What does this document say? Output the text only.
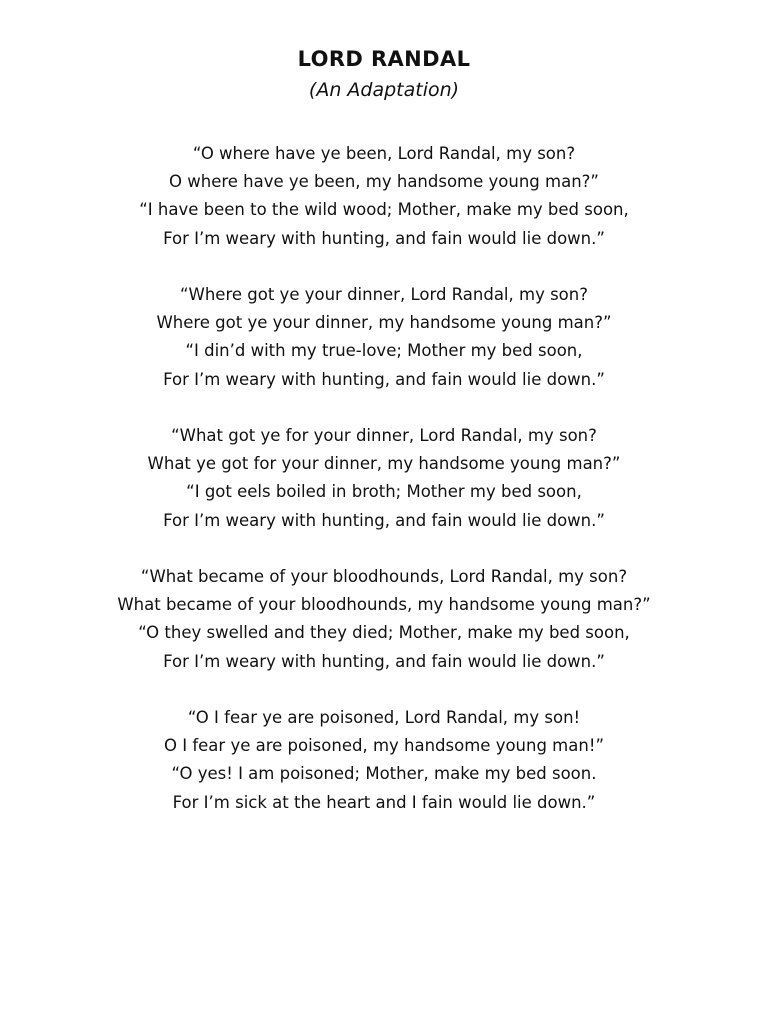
LORD RANDAL
(An Adaptation)
“O where have ye been, Lord Randal, my son?
O where have ye been, my handsome young man?”
“I have been to the wild wood; Mother, make my bed soon,
For I’m weary with hunting, and fain would lie down.”
“Where got ye your dinner, Lord Randal, my son?
Where got ye your dinner, my handsome young man?”
“I din’d with my true-love; Mother my bed soon,
For I’m weary with hunting, and fain would lie down.”
“What got ye for your dinner, Lord Randal, my son?
What ye got for your dinner, my handsome young man?”
“I got eels boiled in broth; Mother my bed soon,
For I’m weary with hunting, and fain would lie down.”
“What became of your bloodhounds, Lord Randal, my son?
What became of your bloodhounds, my handsome young man?”
“O they swelled and they died; Mother, make my bed soon,
For I’m weary with hunting, and fain would lie down.”
“O I fear ye are poisoned, Lord Randal, my son!
O I fear ye are poisoned, my handsome young man!”
“O yes! I am poisoned; Mother, make my bed soon.
For I’m sick at the heart and I fain would lie down.”
